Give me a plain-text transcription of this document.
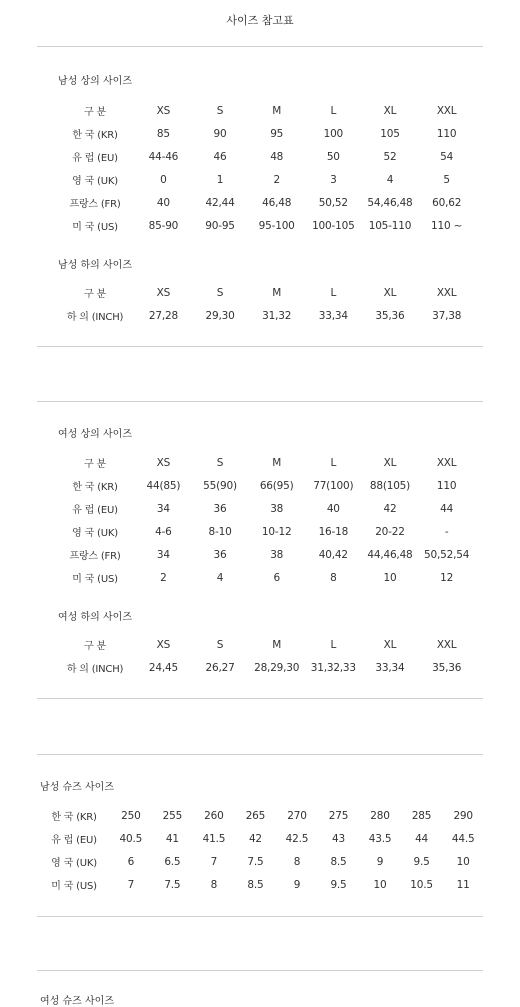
사이즈 참고표
남성 상의 사이즈
구 분	XS	S	M	L	XL	XXL
한 국 (KR)	85	90	95	100	105	110
유 럽 (EU)	44-46	46	48	50	52	54
영 국 (UK)	0	1	2	3	4	5
프랑스 (FR)	40	42,44	46,48	50,52	54,46,48	60,62
미 국 (US)	85-90	90-95	95-100	100-105	105-110	110 ~
남성 하의 사이즈
구 분	XS	S	M	L	XL	XXL
하 의 (INCH)	27,28	29,30	31,32	33,34	35,36	37,38
여성 상의 사이즈
구 분	XS	S	M	L	XL	XXL
한 국 (KR)	44(85)	55(90)	66(95)	77(100)	88(105)	110
유 럽 (EU)	34	36	38	40	42	44
영 국 (UK)	4-6	8-10	10-12	16-18	20-22	-
프랑스 (FR)	34	36	38	40,42	44,46,48	50,52,54
미 국 (US)	2	4	6	8	10	12
여성 하의 사이즈
구 분	XS	S	M	L	XL	XXL
하 의 (INCH)	24,45	26,27	28,29,30	31,32,33	33,34	35,36
남성 슈즈 사이즈
한 국 (KR)	250	255	260	265	270	275	280	285	290
유 럽 (EU)	40.5	41	41.5	42	42.5	43	43.5	44	44.5
영 국 (UK)	6	6.5	7	7.5	8	8.5	9	9.5	10
미 국 (US)	7	7.5	8	8.5	9	9.5	10	10.5	11
여성 슈즈 사이즈
